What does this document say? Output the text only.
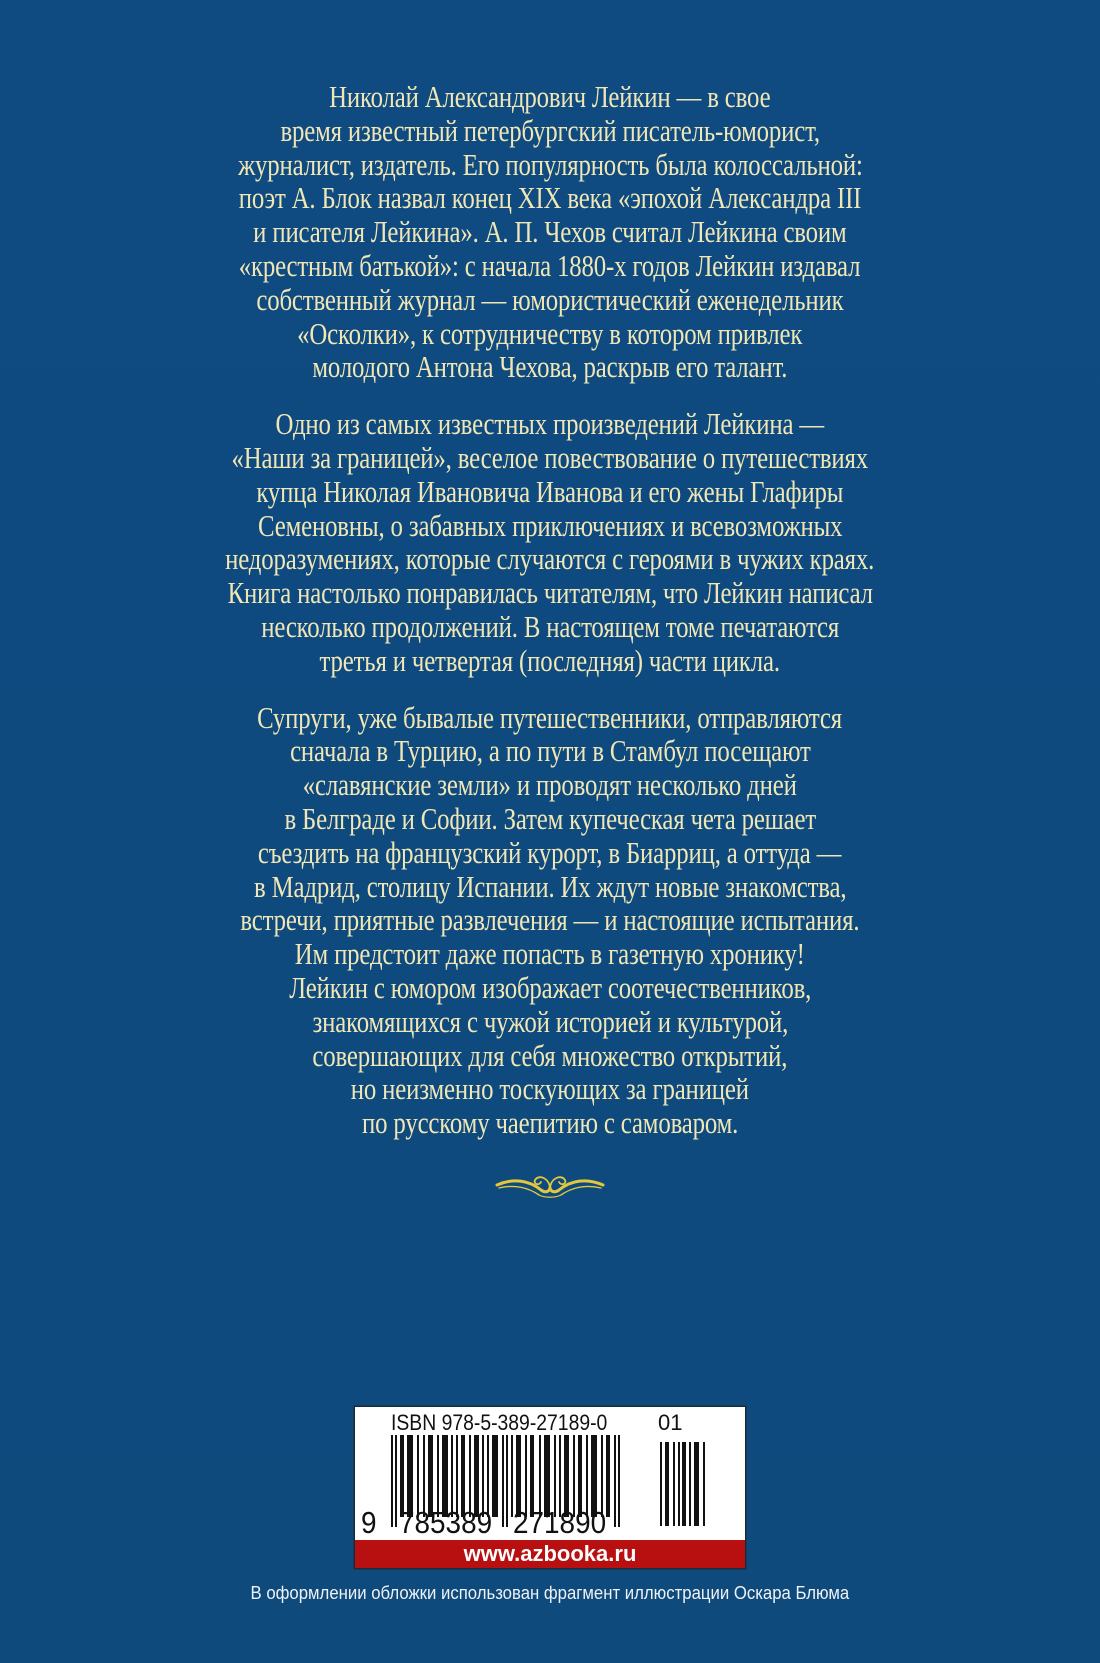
Николай Александрович Лейкин — в свое
время известный петербургский писатель-юморист,
журналист, издатель. Его популярность была колоссальной:
поэт А. Блок назвал конец XIX века «эпохой Александра III
и писателя Лейкина». А. П. Чехов считал Лейкина своим
«крестным батькой»: с начала 1880-х годов Лейкин издавал
собственный журнал — юмористический еженедельник
«Осколки», к сотрудничеству в котором привлек
молодого Антона Чехова, раскрыв его талант.
Одно из самых известных произведений Лейкина —
«Наши за границей», веселое повествование о путешествиях
купца Николая Ивановича Иванова и его жены Глафиры
Семеновны, о забавных приключениях и всевозможных
недоразумениях, которые случаются с героями в чужих краях.
Книга настолько понравилась читателям, что Лейкин написал
несколько продолжений. В настоящем томе печатаются
третья и четвертая (последняя) части цикла.
Супруги, уже бывалые путешественники, отправляются
сначала в Турцию, а по пути в Стамбул посещают
«славянские земли» и проводят несколько дней
в Белграде и Софии. Затем купеческая чета решает
съездить на французский курорт, в Биарриц, а оттуда —
в Мадрид, столицу Испании. Их ждут новые знакомства,
встречи, приятные развлечения — и настоящие испытания.
Им предстоит даже попасть в газетную хронику!
Лейкин с юмором изображает соотечественников,
знакомящихся с чужой историей и культурой,
совершающих для себя множество открытий,
но неизменно тоскующих за границей
по русскому чаепитию с самоваром.
ISBN 978-5-389-27189-0 01
9 785389 271890
www.azbooka.ru
В оформлении обложки использован фрагмент иллюстрации Оскара Блюма
